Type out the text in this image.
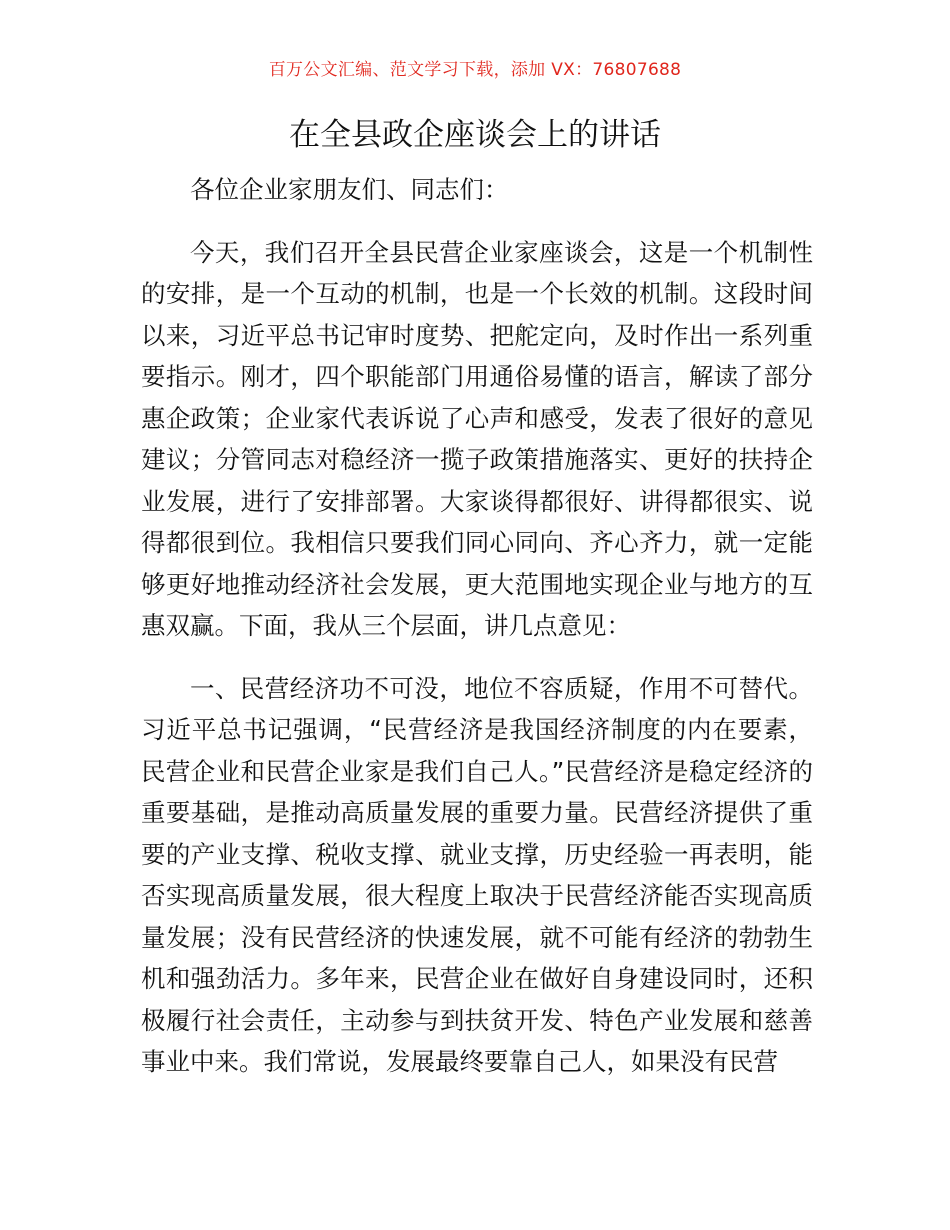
百万公文汇编、范文学习下载，添加 VX：76807688
在全县政企座谈会上的讲话

各位企业家朋友们、同志们：

今天，我们召开全县民营企业家座谈会，这是一个机制性的安排，是一个互动的机制，也是一个长效的机制。这段时间以来，习近平总书记审时度势、把舵定向，及时作出一系列重要指示。刚才，四个职能部门用通俗易懂的语言，解读了部分惠企政策；企业家代表诉说了心声和感受，发表了很好的意见建议；分管同志对稳经济一揽子政策措施落实、更好的扶持企业发展，进行了安排部署。大家谈得都很好、讲得都很实、说得都很到位。我相信只要我们同心同向、齐心齐力，就一定能够更好地推动经济社会发展，更大范围地实现企业与地方的互惠双赢。下面，我从三个层面，讲几点意见：

一、民营经济功不可没，地位不容质疑，作用不可替代。习近平总书记强调，“民营经济是我国经济制度的内在要素，民营企业和民营企业家是我们自己人。”民营经济是稳定经济的重要基础，是推动高质量发展的重要力量。民营经济提供了重要的产业支撑、税收支撑、就业支撑，历史经验一再表明，能否实现高质量发展，很大程度上取决于民营经济能否实现高质量发展；没有民营经济的快速发展，就不可能有经济的勃勃生机和强劲活力。多年来，民营企业在做好自身建设同时，还积极履行社会责任，主动参与到扶贫开发、特色产业发展和慈善事业中来。我们常说，发展最终要靠自己人，如果没有民营
